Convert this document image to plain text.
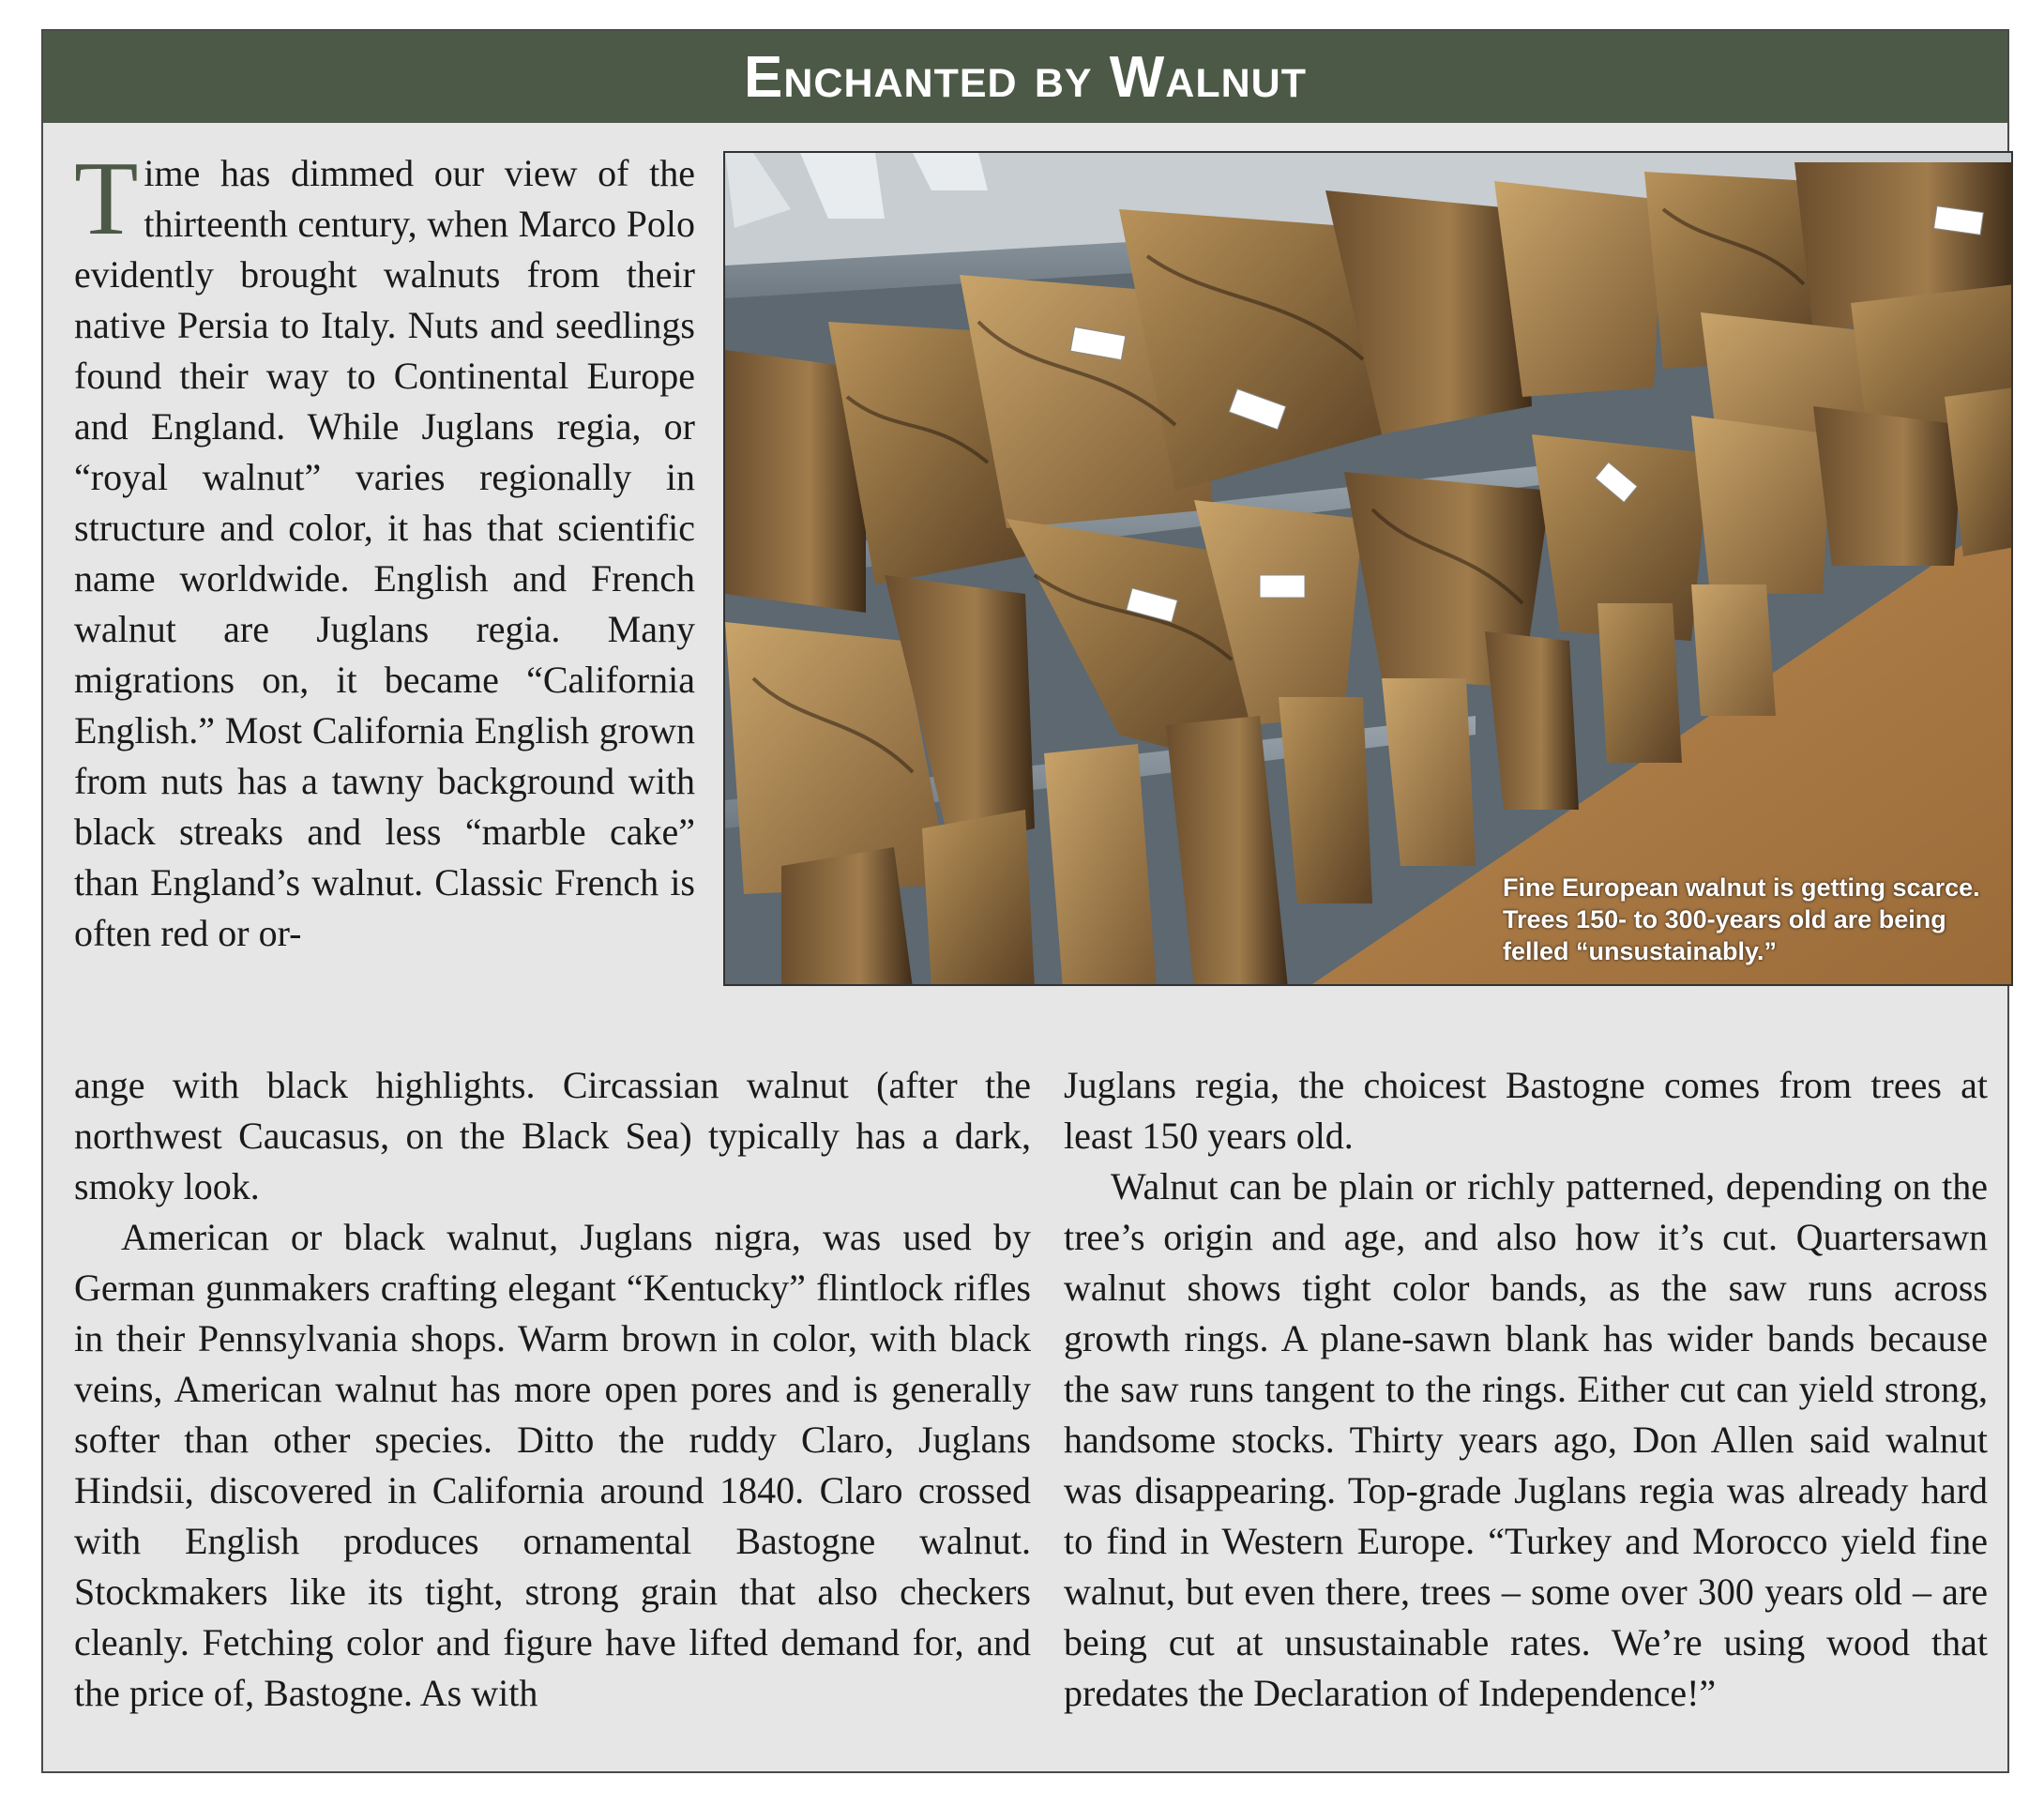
Enchanted by Walnut
Fine European walnut is getting scarce.
Trees 150- to 300-years old are being
felled “unsustainably.”

Time has dimmed our view of the thirteenth century, when Marco Polo evidently brought walnuts from their native Persia to Italy. Nuts and seedlings found their way to Continental Europe and England. While Juglans regia, or “royal walnut” varies regionally in structure and color, it has that scientific name worldwide. English and French walnut are Juglans regia. Many migrations on, it became “California English.” Most California English grown from nuts has a tawny background with black streaks and less “marble cake” than England’s walnut. Classic French is often red or or-

ange with black highlights. Circassian walnut (after the northwest Caucasus, on the Black Sea) typically has a dark, smoky look.

American or black walnut, Juglans nigra, was used by German gunmakers crafting elegant “Kentucky” flintlock rifles in their Pennsylvania shops. Warm brown in color, with black veins, American walnut has more open pores and is generally softer than other species. Ditto the ruddy Claro, Juglans Hindsii, discovered in California around 1840. Claro crossed with English produces ornamental Bastogne walnut. Stockmakers like its tight, strong grain that also checkers cleanly. Fetching color and figure have lifted demand for, and the price of, Bastogne. As with

Juglans regia, the choicest Bastogne comes from trees at least 150 years old.

Walnut can be plain or richly patterned, depending on the tree’s origin and age, and also how it’s cut. Quartersawn walnut shows tight color bands, as the saw runs across growth rings. A plane-sawn blank has wider bands because the saw runs tangent to the rings. Either cut can yield strong, handsome stocks. Thirty years ago, Don Allen said walnut was disappearing. Top-grade Juglans regia was already hard to find in Western Europe. “Turkey and Morocco yield fine walnut, but even there, trees – some over 300 years old – are being cut at unsustainable rates. We’re using wood that predates the Declaration of Independence!”
